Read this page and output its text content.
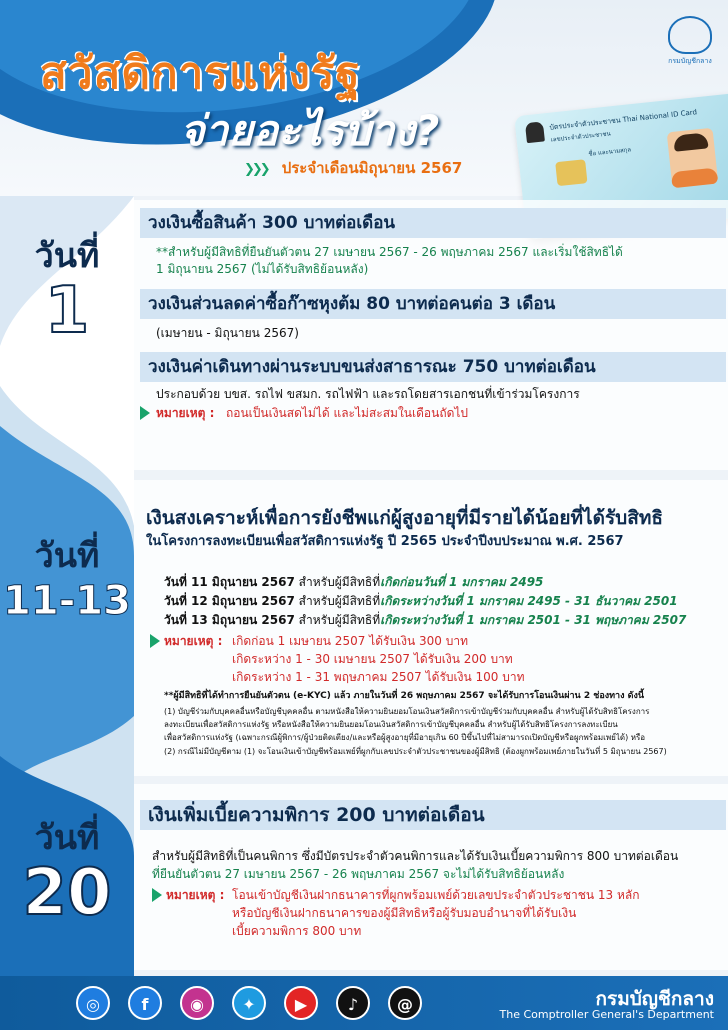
สวัสดิการแห่งรัฐ
จ่ายอะไรบ้าง?
❯❯❯ ประจำเดือนมิถุนายน 2567
กรมบัญชีกลาง
บัตรประจำตัวประชาชน Thai National ID Card
เลขประจำตัวประชาชน
ชื่อ และนามสกุล
วันที่
1
วันที่
11-13
วันที่
20
วงเงินซื้อสินค้า 300 บาทต่อเดือน
**สำหรับผู้มีสิทธิที่ยืนยันตัวตน 27 เมษายน 2567 - 26 พฤษภาคม 2567 และเริ่มใช้สิทธิได้
1 มิถุนายน 2567 (ไม่ได้รับสิทธิย้อนหลัง)
วงเงินส่วนลดค่าซื้อก๊าซหุงต้ม 80 บาทต่อคนต่อ 3 เดือน
(เมษายน - มิถุนายน 2567)
วงเงินค่าเดินทางผ่านระบบขนส่งสาธารณะ 750 บาทต่อเดือน
ประกอบด้วย บขส. รถไฟ ขสมก. รถไฟฟ้า และรถโดยสารเอกชนที่เข้าร่วมโครงการ
หมายเหตุ : ถอนเป็นเงินสดไม่ได้ และไม่สะสมในเดือนถัดไป
เงินสงเคราะห์เพื่อการยังชีพแก่ผู้สูงอายุที่มีรายได้น้อยที่ได้รับสิทธิ
ในโครงการลงทะเบียนเพื่อสวัสดิการแห่งรัฐ ปี 2565 ประจำปีงบประมาณ พ.ศ. 2567
วันที่ 11 มิถุนายน 2567 สำหรับผู้มีสิทธิที่เกิดก่อนวันที่ 1 มกราคม 2495
วันที่ 12 มิถุนายน 2567 สำหรับผู้มีสิทธิที่เกิดระหว่างวันที่ 1 มกราคม 2495 - 31 ธันวาคม 2501
วันที่ 13 มิถุนายน 2567 สำหรับผู้มีสิทธิที่เกิดระหว่างวันที่ 1 มกราคม 2501 - 31 พฤษภาคม 2507
หมายเหตุ : เกิดก่อน 1 เมษายน 2507 ได้รับเงิน 300 บาท
เกิดระหว่าง 1 - 30 เมษายน 2507 ได้รับเงิน 200 บาท
เกิดระหว่าง 1 - 31 พฤษภาคม 2507 ได้รับเงิน 100 บาท
**ผู้มีสิทธิที่ได้ทำการยืนยันตัวตน (e-KYC) แล้ว ภายในวันที่ 26 พฤษภาคม 2567 จะได้รับการโอนเงินผ่าน 2 ช่องทาง ดังนี้
(1) บัญชีร่วมกับบุคคลอื่นหรือบัญชีบุคคลอื่น ตามหนังสือให้ความยินยอมโอนเงินสวัสดิการเข้าบัญชีร่วมกับบุคคลอื่น สำหรับผู้ได้รับสิทธิโครงการ
ลงทะเบียนเพื่อสวัสดิการแห่งรัฐ หรือหนังสือให้ความยินยอมโอนเงินสวัสดิการเข้าบัญชีบุคคลอื่น สำหรับผู้ได้รับสิทธิโครงการลงทะเบียน
เพื่อสวัสดิการแห่งรัฐ (เฉพาะกรณีผู้พิการ/ผู้ป่วยติดเตียง/และหรือผู้สูงอายุที่มีอายุเกิน 60 ปีขึ้นไปที่ไม่สามารถเปิดบัญชีหรือผูกพร้อมเพย์ได้) หรือ
(2) กรณีไม่มีบัญชีตาม (1) จะโอนเงินเข้าบัญชีพร้อมเพย์ที่ผูกกับเลขประจำตัวประชาชนของผู้มีสิทธิ (ต้องผูกพร้อมเพย์ภายในวันที่ 5 มิถุนายน 2567)
เงินเพิ่มเบี้ยความพิการ 200 บาทต่อเดือน
สำหรับผู้มีสิทธิที่เป็นคนพิการ ซึ่งมีบัตรประจำตัวคนพิการและได้รับเงินเบี้ยความพิการ 800 บาทต่อเดือน
ที่ยืนยันตัวตน 27 เมษายน 2567 - 26 พฤษภาคม 2567 จะไม่ได้รับสิทธิย้อนหลัง
หมายเหตุ : โอนเข้าบัญชีเงินฝากธนาคารที่ผูกพร้อมเพย์ด้วยเลขประจำตัวประชาชน 13 หลัก
หรือบัญชีเงินฝากธนาคารของผู้มีสิทธิหรือผู้รับมอบอำนาจที่ได้รับเงิน
เบี้ยความพิการ 800 บาท
◎	f	◉	✦	▶	♪	@	กรมบัญชีกลาง
The Comptroller General's Department
